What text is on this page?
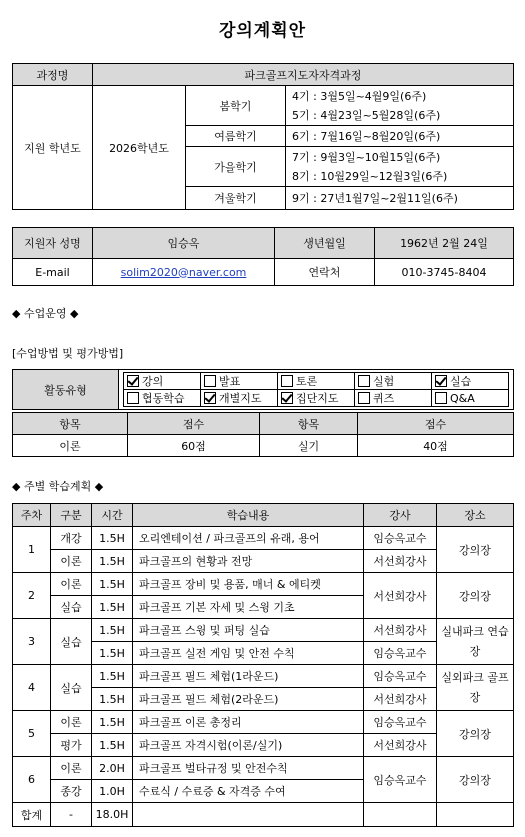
강의계획안
과정명	파크골프지도자자격과정		
지원 학년도	2026학년도	봄학기	4기 : 3월5일~4월9일(6주)
5기 : 4월23일~5월28일(6주)

		여름학기	6기 : 7월16일~8월20일(6주)
		가을학기	7기 : 9월3일~10월15일(6주)
8기 : 10월29일~12월3일(6주)

		겨울학기	9기 : 27년1월7일~2월11일(6주)
지원자 성명	임승옥	생년월일	1962년 2월 24일
E-mail	solim2020@naver.com	연락처	010-3745-8404
◆ 수업운영 ◆
[수업방법 및 평가방법]
활동유형	
강의	발표	토론	실험	실습
협동학습	개별지도	집단지도	퀴즈	Q&A
항목	점수	항목	점수
이론	60점	실기	40점
◆ 주별 학습계획 ◆
주차	구분	시간	학습내용	강사	장소
1	개강	1.5H	오리엔테이션 / 파크골프의 유래, 용어	임승옥교수	강의장
	이론	1.5H	파크골프의 현황과 전망	서선희강사	
2	이론	1.5H	파크골프 장비 및 용품, 매너 & 에티켓	서선희강사	강의장
	실습	1.5H	파크골프 기본 자세 및 스윙 기초		
3	실습	1.5H	파크골프 스윙 및 퍼팅 실습	서선희강사	실내파크 연습장
		1.5H	파크골프 실전 게임 및 안전 수칙	임승옥교수	
4	실습	1.5H	파크골프 필드 체험(1라운드)	임승옥교수	실외파크 골프장
		1.5H	파크골프 필드 체험(2라운드)	서선희강사	
5	이론	1.5H	파크골프 이론 총정리	임승옥교수	강의장
	평가	1.5H	파크골프 자격시험(이론/실기)	서선희강사	
6	이론	2.0H	파크골프 벌타규정 및 안전수칙	임승옥교수	강의장
	종강	1.0H	수료식 / 수료증 & 자격증 수여		
합계	-	18.0H			
